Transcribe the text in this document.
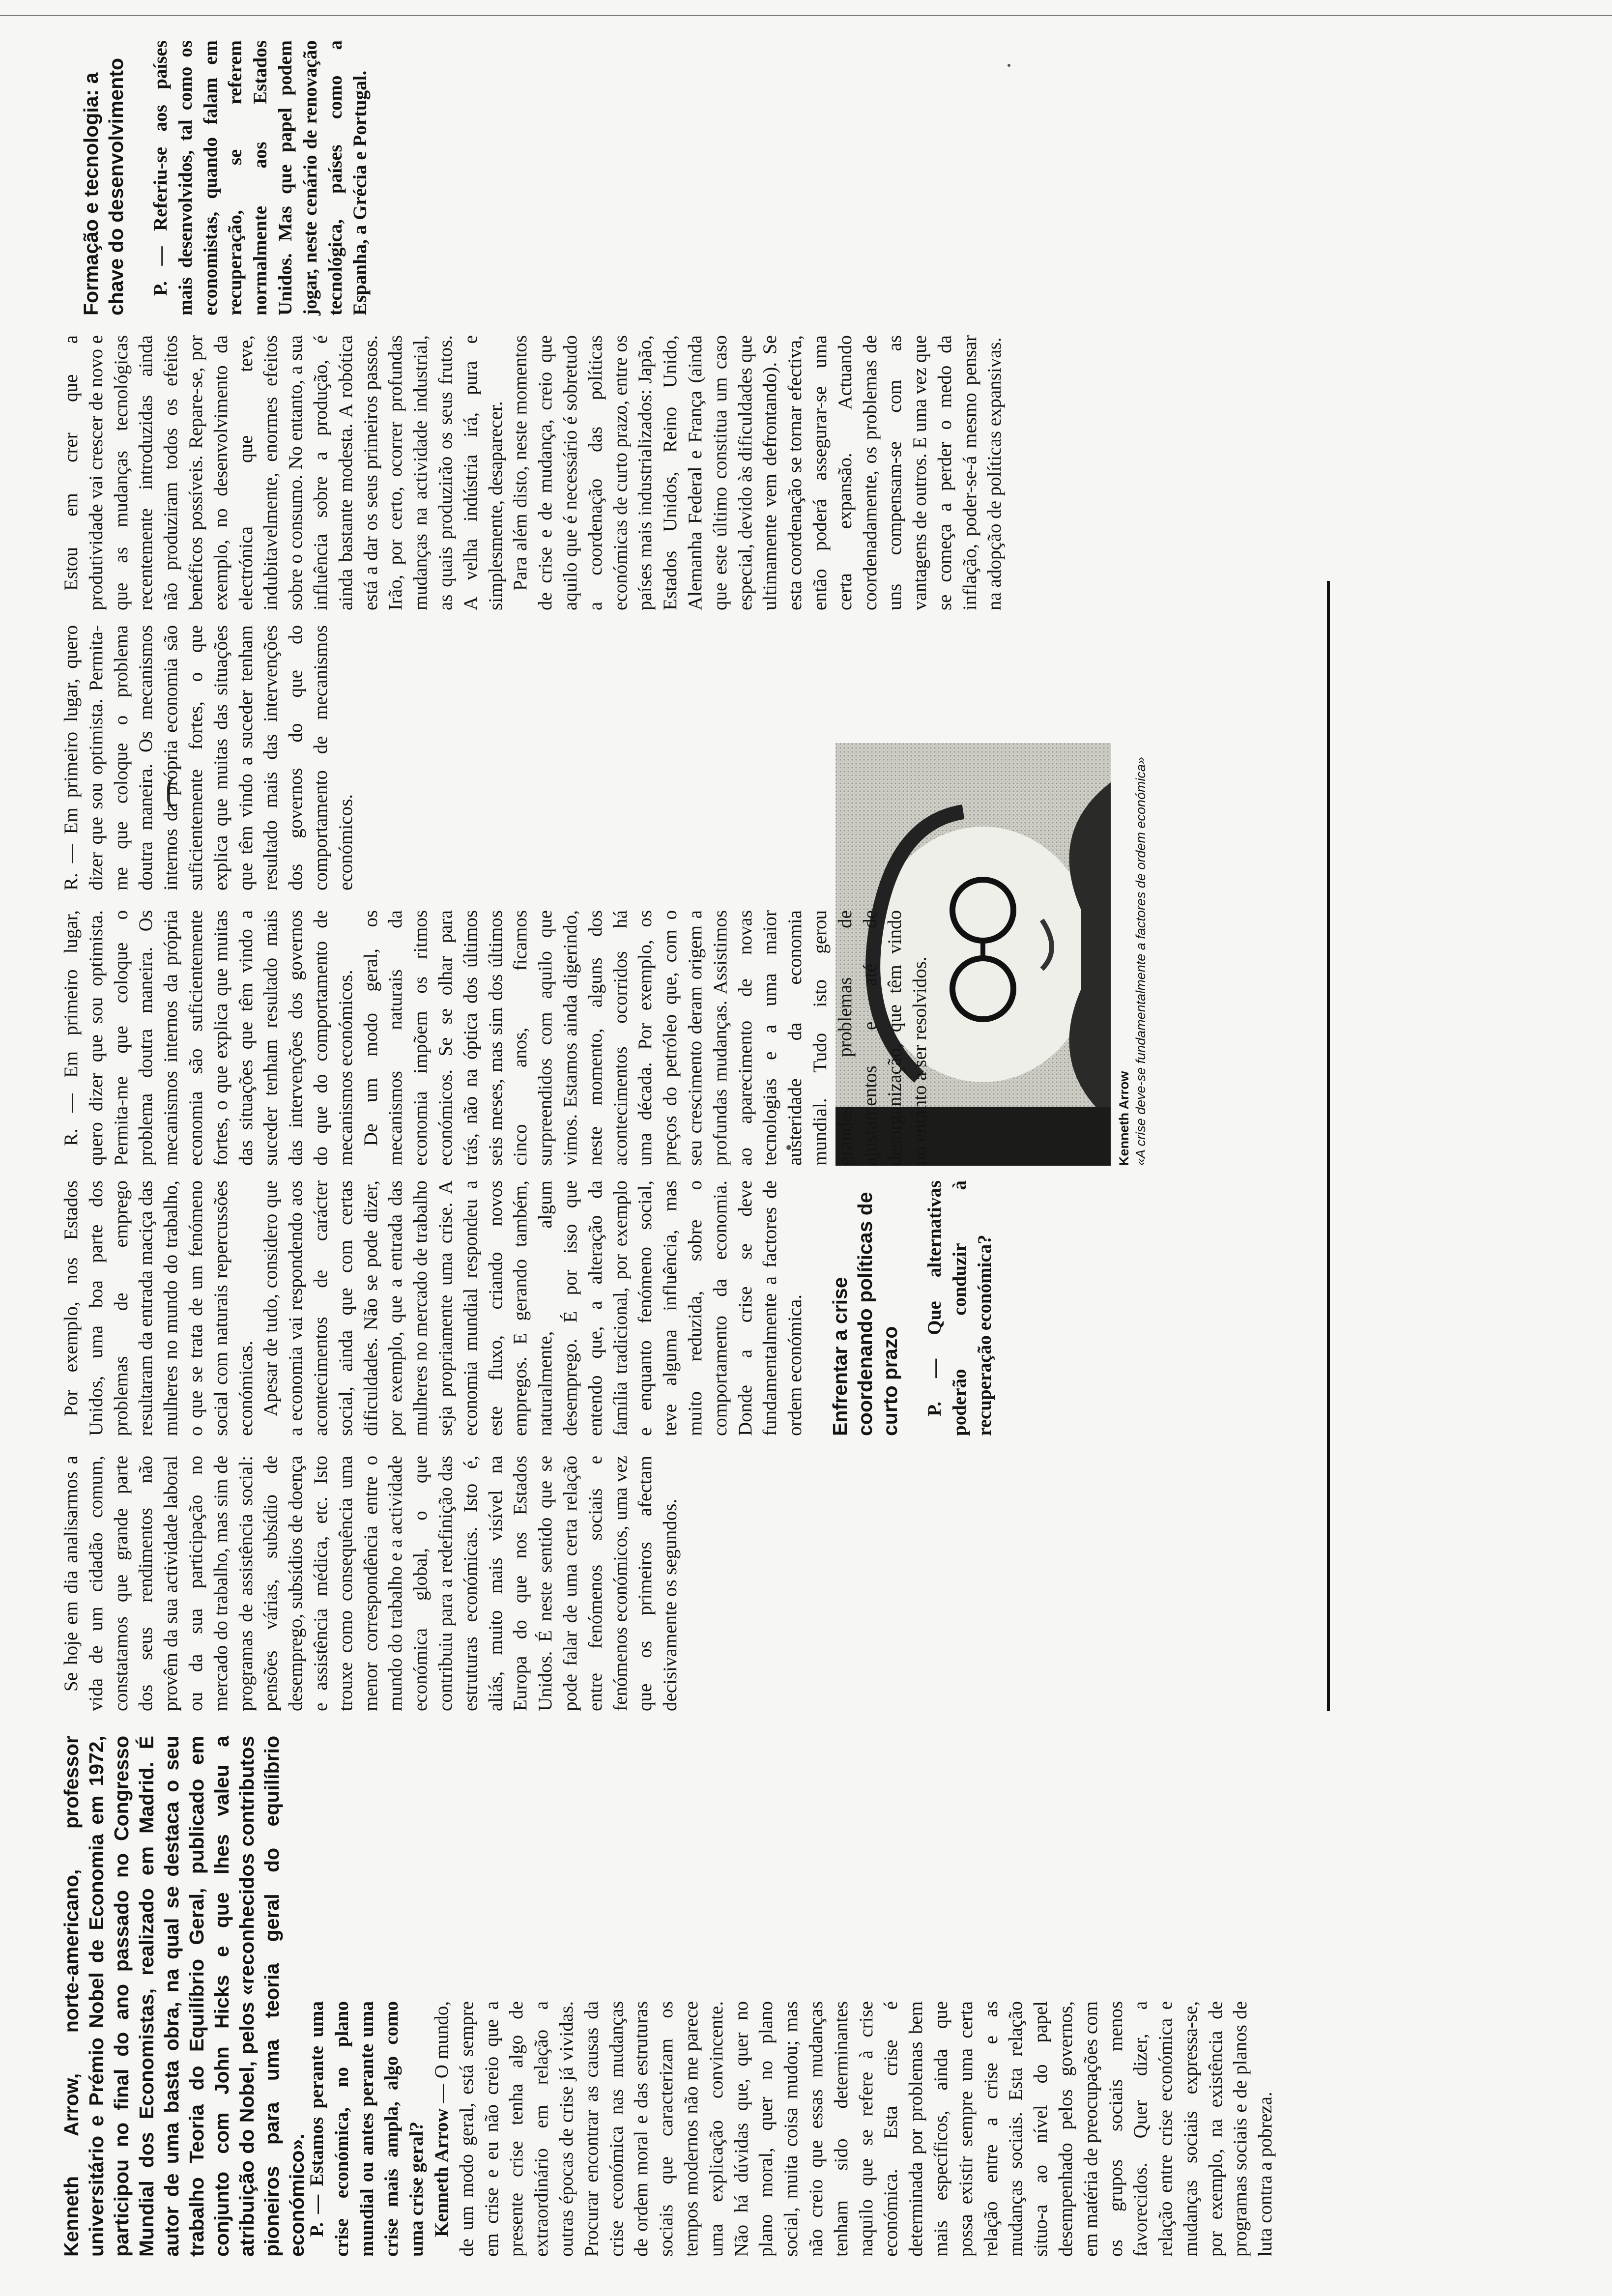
Kenneth Arrow, norte-americano, professor universitário e Prémio Nobel de Economia em 1972, participou no final do ano passado no Congresso Mundial dos Economistas, realizado em Madrid. É autor de uma basta obra, na qual se destaca o seu trabalho Teoria do Equilíbrio Geral, publicado em conjunto com John Hicks e que lhes valeu a atribuição do Nobel, pelos «reconhecidos contributos pioneiros para uma teoria geral do equilíbrio económico».

P. — Estamos perante uma crise económica, no plano mundial ou antes perante uma crise mais ampla, algo como uma crise geral? Kenneth Arrow — O mundo, de um modo geral, está sempre em crise e eu não creio que a presente crise tenha algo de extraordinário em relação a outras épocas de crise já vividas. Procurar encontrar as causas da crise económica nas mudanças de ordem moral e das estruturas sociais que caracterizam os tempos modernos não me parece uma explicação convincente. Não há dúvidas que, quer no plano moral, quer no plano social, muita coisa mudou; mas não creio que essas mudanças tenham sido determinantes naquilo que se refere à crise económica. Esta crise é determinada por problemas bem mais específicos, ainda que possa existir sempre uma certa relação entre a crise e as mudanças sociais. Esta relação situo-a ao nível do papel desempenhado pelos governos, em matéria de preocupações com os grupos sociais menos favorecidos. Quer dizer, a relação entre crise económica e mudanças sociais expressa-se, por exemplo, na existência de programas sociais e de planos de luta contra a pobreza.

Se hoje em dia analisarmos a vida de um cidadão comum, constatamos que grande parte dos seus rendimentos não provêm da sua actividade laboral ou da sua participação no mercado do trabalho, mas sim de programas de assistência social: pensões várias, subsídio de desemprego, subsídios de doença e assistência médica, etc. Isto trouxe como consequência uma menor correspondência entre o mundo do trabalho e a actividade económica global, o que contribuiu para a redefinição das estruturas económicas. Isto é, aliás, muito mais visível na Europa do que nos Estados Unidos. É neste sentido que se pode falar de uma certa relação entre fenómenos sociais e fenómenos económicos, uma vez que os primeiros afectam decisivamente os segundos.

Por exemplo, nos Estados Unidos, uma boa parte dos problemas de emprego resultaram da entrada maciça das mulheres no mundo do trabalho, o que se trata de um fenómeno social com naturais repercussões económicas. Apesar de tudo, considero que a economia vai respondendo aos acontecimentos de carácter social, ainda que com certas dificuldades. Não se pode dizer, por exemplo, que a entrada das mulheres no mercado de trabalho seja propriamente uma crise. A economia mundial respondeu a este fluxo, criando novos empregos. E gerando também, naturalmente, algum desemprego. É por isso que entendo que, a alteração da família tradicional, por exemplo e enquanto fenómeno social, teve alguma influência, mas muito reduzida, sobre o comportamento da economia. Donde a crise se deve fundamentalmente a factores de ordem económica. Enfrentar a crise coordenando políticas de curto prazo P. — Que alternativas poderão conduzir à recuperação económica?

Kenneth Arrow «A crise deve-se fundamentalmente a factores de ordem económica»

R. — Em primeiro lugar, quero dizer que sou optimista. Permita-me que coloque o problema doutra maneira. Os mecanismos internos da própria economia são suficientemente fortes, o que explica que muitas das situações que têm vindo a suceder tenham resultado mais das intervenções dos governos do que do comportamento de mecanismos económicos. De um modo geral, os mecanismos naturais da economia impõem os ritmos económicos. Se se olhar para trás, não na óptica dos últimos seis meses, mas sim dos últimos cinco anos, ficamos surpreendidos com aquilo que vimos. Estamos ainda digerindo, neste momento, alguns dos acontecimentos ocorridos há uma década. Por exemplo, os preços do petróleo que, com o seu crescimento deram origem a profundas mudanças. Assistimos ao aparecimento de novas tecnologias e a uma maior austeridade da economia mundial. Tudo isto gerou grandes problemas de ajustamentos e até de desorganização, que têm vindo no entanto a ser resolvidos.

R. — Em primeiro lugar, quero dizer que sou optimista. Permita-me que coloque o problema doutra maneira. Os mecanismos internos da própria economia são suficientemente fortes, o que explica que muitas das situações que têm vindo a suceder tenham resultado mais das intervenções dos governos do que do comportamento de mecanismos económicos.

Estou em crer que a produtividade vai crescer de novo e que as mudanças tecnológicas recentemente introduzidas ainda não produziram todos os efeitos benéficos possíveis. Repare-se, por exemplo, no desenvolvimento da electrónica que teve, indubitavelmente, enormes efeitos sobre o consumo. No entanto, a sua influência sobre a produção, é ainda bastante modesta. A robótica está a dar os seus primeiros passos. Irão, por certo, ocorrer profundas mudanças na actividade industrial, as quais produzirão os seus frutos. A velha indústria irá, pura e simplesmente, desaparecer. Para além disto, neste momentos de crise e de mudança, creio que aquilo que é necessário é sobretudo a coordenação das políticas económicas de curto prazo, entre os países mais industrializados: Japão, Estados Unidos, Reino Unido, Alemanha Federal e França (ainda que este último constitua um caso especial, devido às dificuldades que ultimamente vem defrontando). Se esta coordenação se tornar efectiva, então poderá assegurar-se uma certa expansão. Actuando coordenadamente, os problemas de uns compensam-se com as vantagens de outros. E uma vez que se começa a perder o medo da inflação, poder-se-á mesmo pensar na adopção de políticas expansivas.

Formação e tecnologia: a chave do desenvolvimento P. — Referiu-se aos países mais desenvolvidos, tal como os economistas, quando falam em recuperação, se referem normalmente aos Estados Unidos. Mas que papel podem jogar, neste cenário de renovação tecnológica, países como a Espanha, a Grécia e Portugal.
